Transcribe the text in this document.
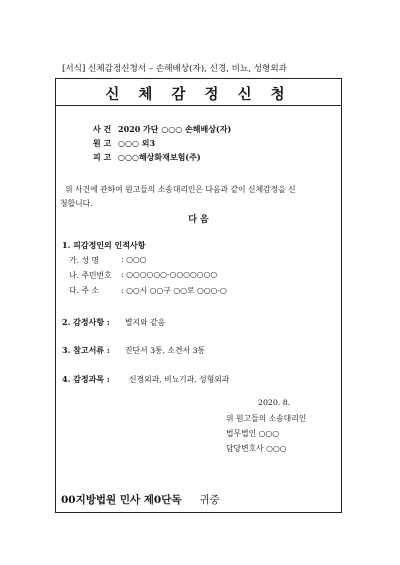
[서식] 신체감정신청서 – 손해배상(자), 신경, 비뇨, 성형외과
신 체 감 정 신 청
사 건 2020 가단 ○○○ 손해배상(자)
원 고 ○○○ 외3
피 고 ○○○해상화재보험(주)
위 사건에 관하여 원고들의 소송대리인은 다음과 같이 신체감정을 신
청합니다.
다 음
1. 피감정인의 인적사항
가. 성 명	: ○○○
나. 주민번호 : ○○○○○○-○○○○○○○
다. 주 소	: ○○시 ○○구 ○○로 ○○○-○
2. 감정사항 : 별지와 같음
3. 참고서류 : 진단서 3통, 소견서 3통
4. 감정과목 : 신경외과, 비뇨기과, 성형외과
2020. 8.
위 원고들의 소송대리인
법무법인 ○○○
담당변호사 ○○○
00지방법원 민사 제0단독 귀중
